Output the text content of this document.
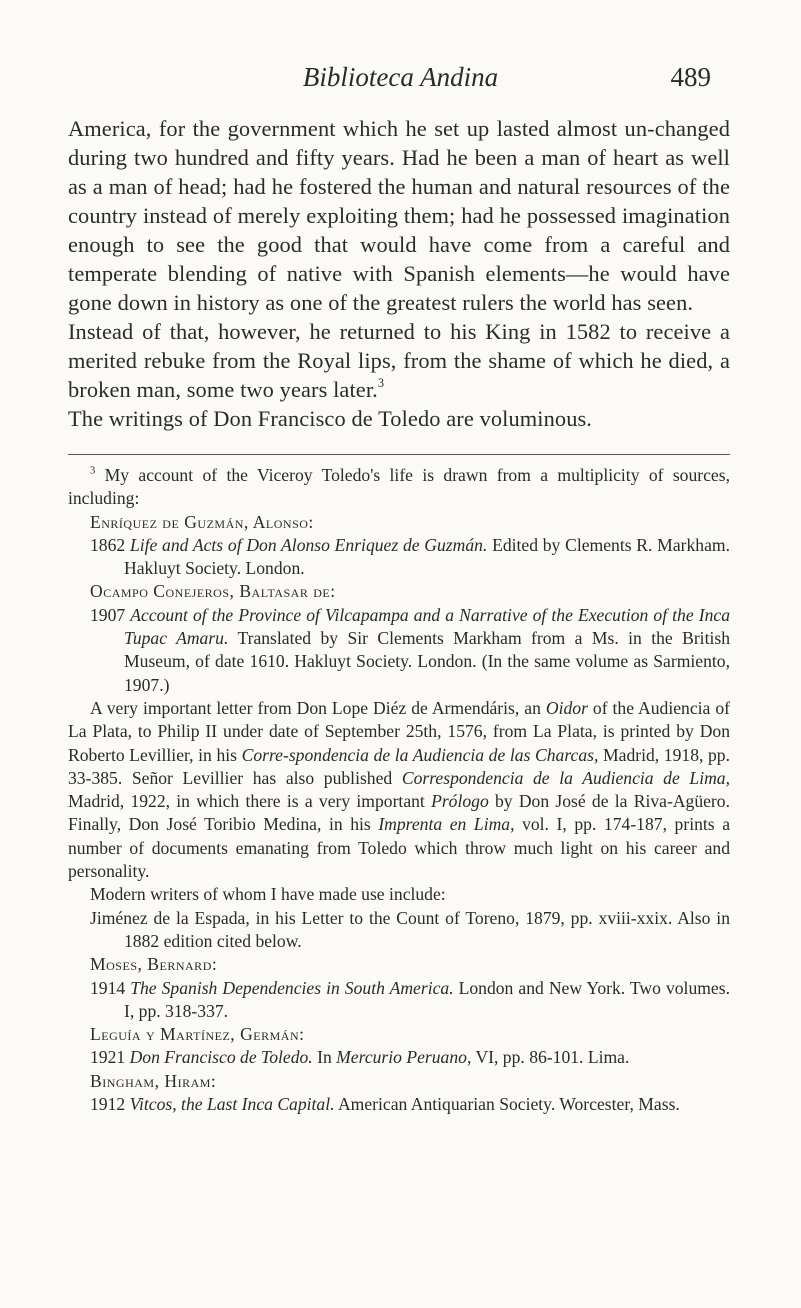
Biblioteca Andina	489

America, for the government which he set up lasted almost un-changed during two hundred and fifty years. Had he been a man of heart as well as a man of head; had he fostered the human and natural resources of the country instead of merely exploiting them; had he possessed imagination enough to see the good that would have come from a careful and temperate blending of native with Spanish elements—he would have gone down in history as one of the greatest rulers the world has seen.

Instead of that, however, he returned to his King in 1582 to receive a merited rebuke from the Royal lips, from the shame of which he died, a broken man, some two years later.$^3$

The writings of Don Francisco de Toledo are voluminous.

$^3$ My account of the Viceroy Toledo's life is drawn from a multiplicity of sources, including:

Enríquez de Guzmán, Alonso:

1862 Life and Acts of Don Alonso Enriquez de Guzmán. Edited by Clements R. Markham. Hakluyt Society. London.

Ocampo Conejeros, Baltasar de:

1907 Account of the Province of Vilcapampa and a Narrative of the Execution of the Inca Tupac Amaru. Translated by Sir Clements Markham from a Ms. in the British Museum, of date 1610. Hakluyt Society. London. (In the same volume as Sarmiento, 1907.)

A very important letter from Don Lope Diéz de Armendáris, an Oidor of the Audiencia of La Plata, to Philip II under date of September 25th, 1576, from La Plata, is printed by Don Roberto Levillier, in his Corre-spondencia de la Audiencia de las Charcas, Madrid, 1918, pp. 33-385. Señor Levillier has also published Correspondencia de la Audiencia de Lima, Madrid, 1922, in which there is a very important Prólogo by Don José de la Riva-Agüero. Finally, Don José Toribio Medina, in his Imprenta en Lima, vol. I, pp. 174-187, prints a number of documents emanating from Toledo which throw much light on his career and personality.

Modern writers of whom I have made use include:

Jiménez de la Espada, in his Letter to the Count of Toreno, 1879, pp. xviii-xxix. Also in 1882 edition cited below.

Moses, Bernard:

1914 The Spanish Dependencies in South America. London and New York. Two volumes. I, pp. 318-337.

Leguía y Martínez, Germán:

1921 Don Francisco de Toledo. In Mercurio Peruano, VI, pp. 86-101. Lima.

Bingham, Hiram:

1912 Vitcos, the Last Inca Capital. American Antiquarian Society. Worcester, Mass.
